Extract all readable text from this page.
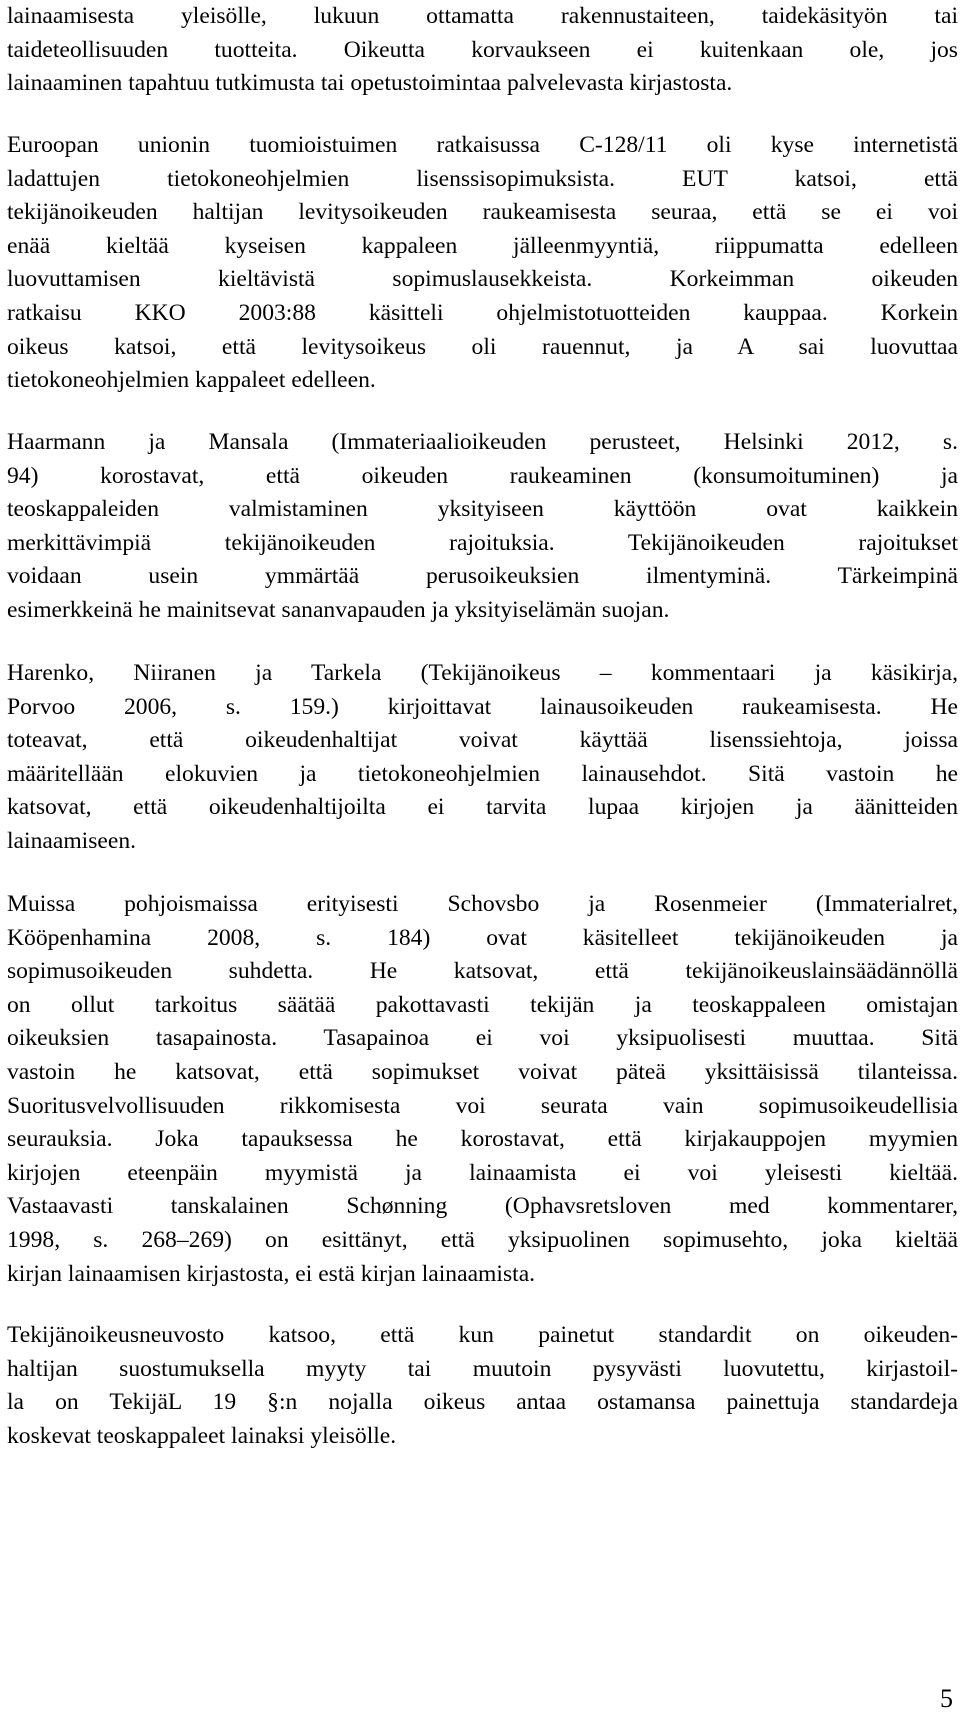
lainaamisesta yleisölle, lukuun ottamatta rakennustaiteen, taidekäsityön tai
taideteollisuuden tuotteita. Oikeutta korvaukseen ei kuitenkaan ole, jos
lainaaminen tapahtuu tutkimusta tai opetustoimintaa palvelevasta kirjastosta.

Euroopan unionin tuomioistuimen ratkaisussa C-128/11 oli kyse internetistä
ladattujen tietokoneohjelmien lisenssisopimuksista. EUT katsoi, että
tekijänoikeuden haltijan levitysoikeuden raukeamisesta seuraa, että se ei voi
enää kieltää kyseisen kappaleen jälleenmyyntiä, riippumatta edelleen
luovuttamisen kieltävistä sopimuslausekkeista. Korkeimman oikeuden
ratkaisu KKO 2003:88 käsitteli ohjelmistotuotteiden kauppaa. Korkein
oikeus katsoi, että levitysoikeus oli rauennut, ja A sai luovuttaa
tietokoneohjelmien kappaleet edelleen.

Haarmann ja Mansala (Immateriaalioikeuden perusteet, Helsinki 2012, s.
94) korostavat, että oikeuden raukeaminen (konsumoituminen) ja
teoskappaleiden valmistaminen yksityiseen käyttöön ovat kaikkein
merkittävimpiä tekijänoikeuden rajoituksia. Tekijänoikeuden rajoitukset
voidaan usein ymmärtää perusoikeuksien ilmentyminä. Tärkeimpinä
esimerkkeinä he mainitsevat sananvapauden ja yksityiselämän suojan.

Harenko, Niiranen ja Tarkela (Tekijänoikeus – kommentaari ja käsikirja,
Porvoo 2006, s. 159.) kirjoittavat lainausoikeuden raukeamisesta. He
toteavat, että oikeudenhaltijat voivat käyttää lisenssiehtoja, joissa
määritellään elokuvien ja tietokoneohjelmien lainausehdot. Sitä vastoin he
katsovat, että oikeudenhaltijoilta ei tarvita lupaa kirjojen ja äänitteiden
lainaamiseen.

Muissa pohjoismaissa erityisesti Schovsbo ja Rosenmeier (Immaterialret,
Kööpenhamina 2008, s. 184) ovat käsitelleet tekijänoikeuden ja
sopimusoikeuden suhdetta. He katsovat, että tekijänoikeuslainsäädännöllä
on ollut tarkoitus säätää pakottavasti tekijän ja teoskappaleen omistajan
oikeuksien tasapainosta. Tasapainoa ei voi yksipuolisesti muuttaa. Sitä
vastoin he katsovat, että sopimukset voivat päteä yksittäisissä tilanteissa.
Suoritusvelvollisuuden rikkomisesta voi seurata vain sopimusoikeudellisia
seurauksia. Joka tapauksessa he korostavat, että kirjakauppojen myymien
kirjojen eteenpäin myymistä ja lainaamista ei voi yleisesti kieltää.
Vastaavasti tanskalainen Schønning (Ophavsretsloven med kommentarer,
1998, s. 268–269) on esittänyt, että yksipuolinen sopimusehto, joka kieltää
kirjan lainaamisen kirjastosta, ei estä kirjan lainaamista.

Tekijänoikeusneuvosto katsoo, että kun painetut standardit on oikeuden-
haltijan suostumuksella myyty tai muutoin pysyvästi luovutettu, kirjastoil-
la on TekijäL 19 §:n nojalla oikeus antaa ostamansa painettuja standardeja
koskevat teoskappaleet lainaksi yleisölle.

5
